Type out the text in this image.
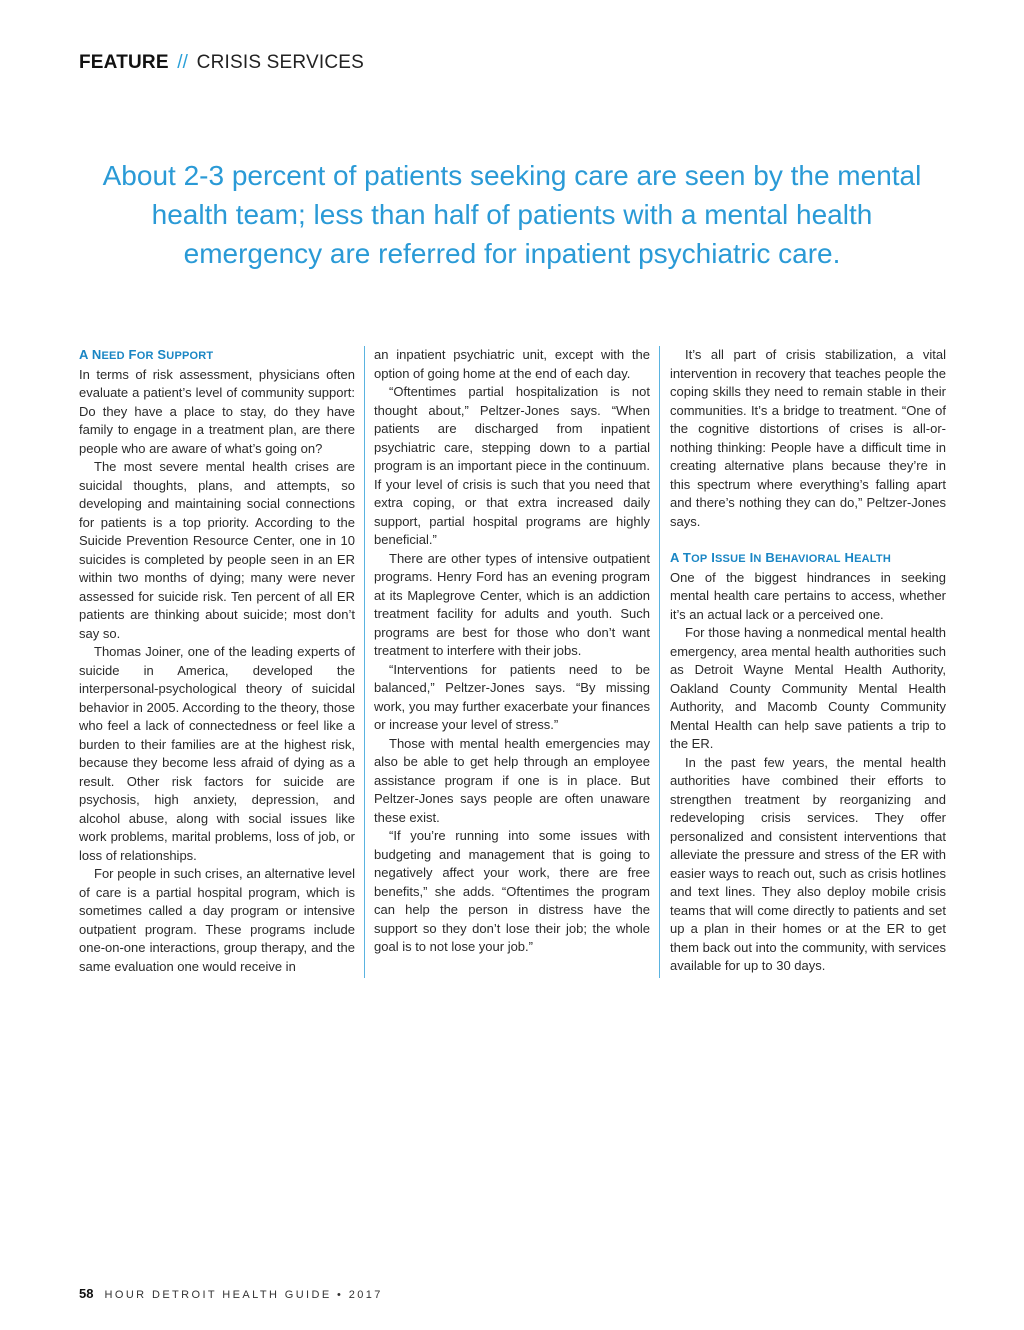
FEATURE // CRISIS SERVICES
About 2-3 percent of patients seeking care are seen by the mental health team; less than half of patients with a mental health emergency are referred for inpatient psychiatric care.
A NEED FOR SUPPORT

In terms of risk assessment, physicians often evaluate a patient’s level of community support: Do they have a place to stay, do they have family to engage in a treatment plan, are there people who are aware of what’s going on?

The most severe mental health crises are suicidal thoughts, plans, and attempts, so developing and maintaining social connections for patients is a top priority. According to the Suicide Prevention Resource Center, one in 10 suicides is completed by people seen in an ER within two months of dying; many were never assessed for suicide risk. Ten percent of all ER patients are thinking about suicide; most don’t say so.

Thomas Joiner, one of the leading experts of suicide in America, developed the interpersonal-psychological theory of suicidal behavior in 2005. According to the theory, those who feel a lack of connectedness or feel like a burden to their families are at the highest risk, because they become less afraid of dying as a result. Other risk factors for suicide are psychosis, high anxiety, depression, and alcohol abuse, along with social issues like work problems, marital problems, loss of job, or loss of relationships.

For people in such crises, an alternative level of care is a partial hospital program, which is sometimes called a day program or intensive outpatient program. These programs include one-on-one interactions, group therapy, and the same evaluation one would receive in

an inpatient psychiatric unit, except with the option of going home at the end of each day.

“Oftentimes partial hospitalization is not thought about,” Peltzer-Jones says. “When patients are discharged from inpatient psychiatric care, stepping down to a partial program is an important piece in the continuum. If your level of crisis is such that you need that extra coping, or that extra increased daily support, partial hospital programs are highly beneficial.”

There are other types of intensive outpatient programs. Henry Ford has an evening program at its Maplegrove Center, which is an addiction treatment facility for adults and youth. Such programs are best for those who don’t want treatment to interfere with their jobs.

“Interventions for patients need to be balanced,” Peltzer-Jones says. “By missing work, you may further exacerbate your finances or increase your level of stress.”

Those with mental health emergencies may also be able to get help through an employee assistance program if one is in place. But Peltzer-Jones says people are often unaware these exist.

“If you’re running into some issues with budgeting and management that is going to negatively affect your work, there are free benefits,” she adds. “Oftentimes the program can help the person in distress have the support so they don’t lose their job; the whole goal is to not lose your job.”

It’s all part of crisis stabilization, a vital intervention in recovery that teaches people the coping skills they need to remain stable in their communities. It’s a bridge to treatment. “One of the cognitive distortions of crises is all-or-nothing thinking: People have a difficult time in creating alternative plans because they’re in this spectrum where everything’s falling apart and there’s nothing they can do,” Peltzer-Jones says.

A TOP ISSUE IN BEHAVIORAL HEALTH

One of the biggest hindrances in seeking mental health care pertains to access, whether it’s an actual lack or a perceived one.

For those having a nonmedical mental health emergency, area mental health authorities such as Detroit Wayne Mental Health Authority, Oakland County Community Mental Health Authority, and Macomb County Community Mental Health can help save patients a trip to the ER.

In the past few years, the mental health authorities have combined their efforts to strengthen treatment by reorganizing and redeveloping crisis services. They offer personalized and consistent interventions that alleviate the pressure and stress of the ER with easier ways to reach out, such as crisis hotlines and text lines. They also deploy mobile crisis teams that will come directly to patients and set up a plan in their homes or at the ER to get them back out into the community, with services available for up to 30 days.

58 HOUR DETROIT HEALTH GUIDE • 2017
